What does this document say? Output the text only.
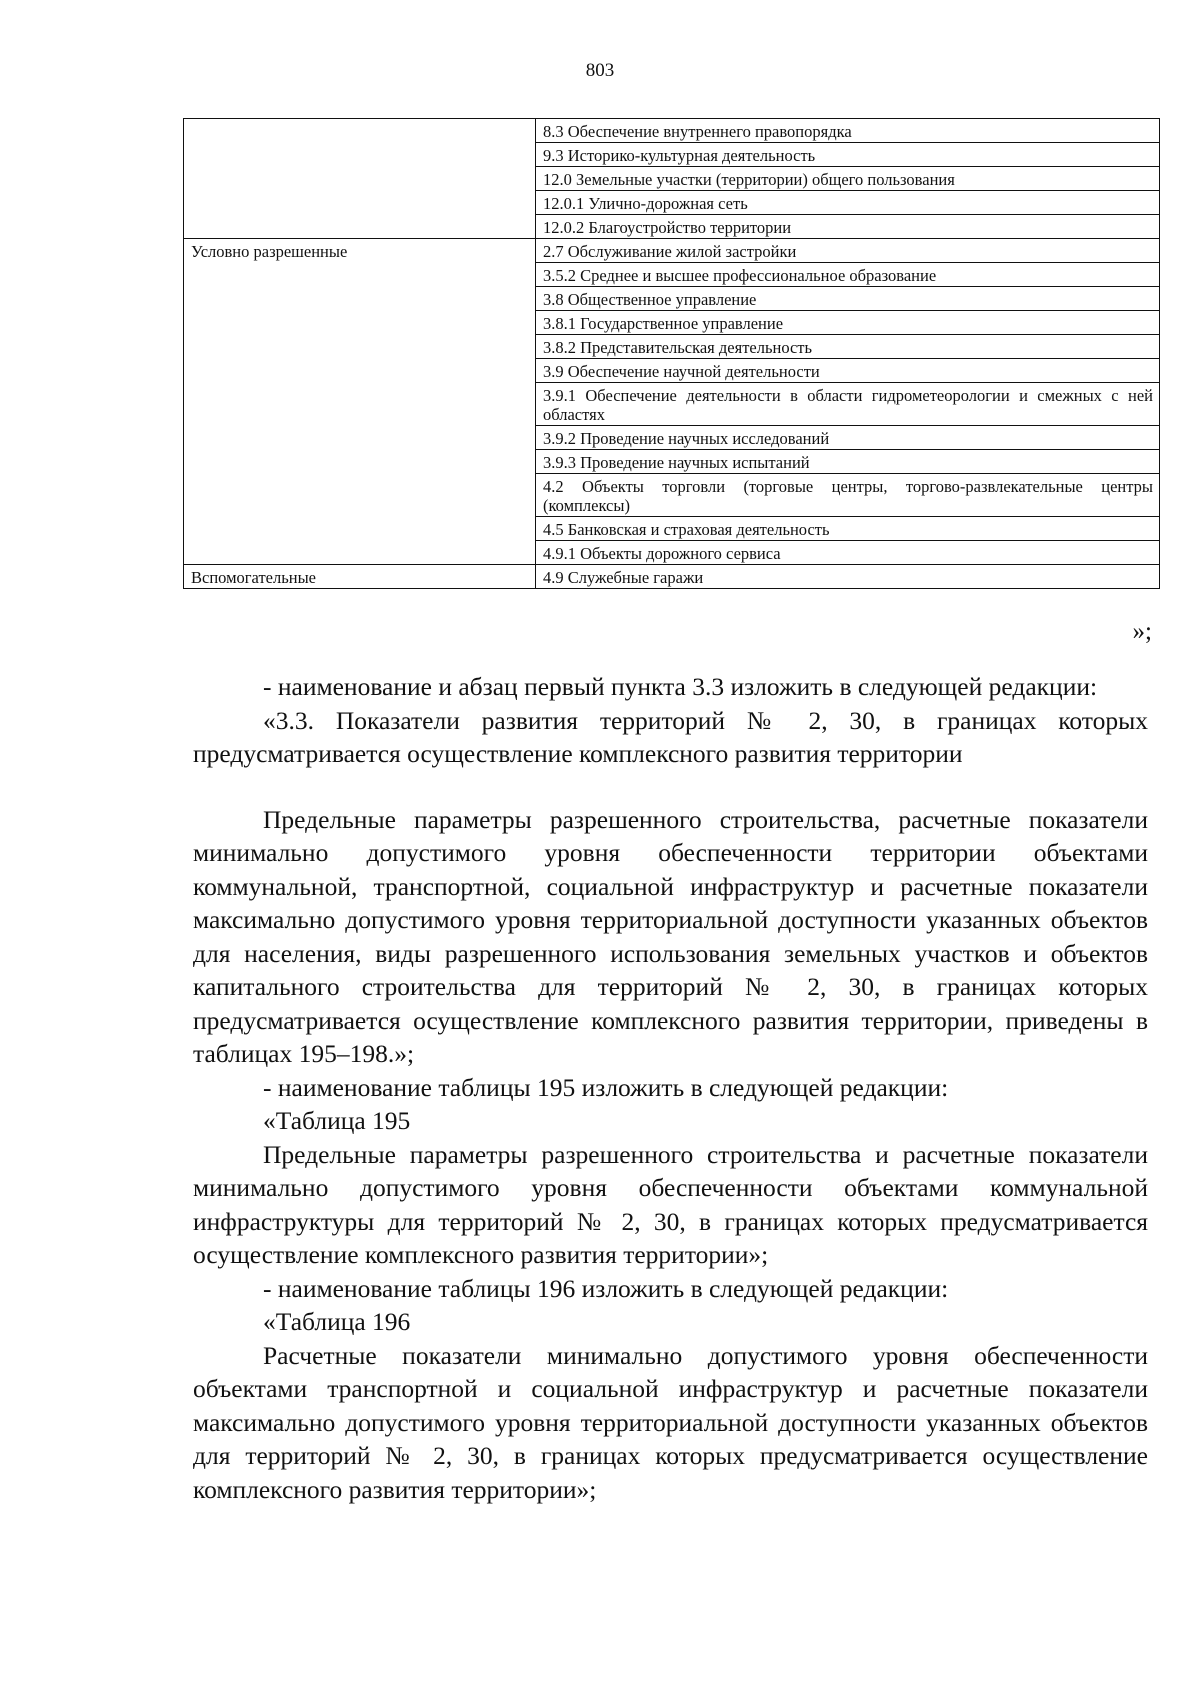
803
	8.3 Обеспечение внутреннего правопорядка
	9.3 Историко-культурная деятельность
	12.0 Земельные участки (территории) общего пользования
	12.0.1 Улично-дорожная сеть
	12.0.2 Благоустройство территории
Условно разрешенные	2.7 Обслуживание жилой застройки
	3.5.2 Среднее и высшее профессиональное образование
	3.8 Общественное управление
	3.8.1 Государственное управление
	3.8.2 Представительская деятельность
	3.9 Обеспечение научной деятельности
	3.9.1 Обеспечение деятельности в области гидрометеорологии и смежных с ней областях
	3.9.2 Проведение научных исследований
	3.9.3 Проведение научных испытаний
	4.2 Объекты торговли (торговые центры, торгово-развлекательные центры (комплексы)
	4.5 Банковская и страховая деятельность
	4.9.1 Объекты дорожного сервиса
Вспомогательные	4.9 Служебные гаражи
»;

- наименование и абзац первый пункта 3.3 изложить в следующей редакции:

«3.3. Показатели развития территорий № 2, 30, в границах которых предусматривается осуществление комплексного развития территории

Предельные параметры разрешенного строительства, расчетные показатели минимально допустимого уровня обеспеченности территории объектами коммунальной, транспортной, социальной инфраструктур и расчетные показатели максимально допустимого уровня территориальной доступности указанных объектов для населения, виды разрешенного использования земельных участков и объектов капитального строительства для территорий № 2, 30, в границах которых предусматривается осуществление комплексного развития территории, приведены в таблицах 195–198.»;

- наименование таблицы 195 изложить в следующей редакции:

«Таблица 195

Предельные параметры разрешенного строительства и расчетные показатели минимально допустимого уровня обеспеченности объектами коммунальной инфраструктуры для территорий № 2, 30, в границах которых предусматривается осуществление комплексного развития территории»;

- наименование таблицы 196 изложить в следующей редакции:

«Таблица 196

Расчетные показатели минимально допустимого уровня обеспеченности объектами транспортной и социальной инфраструктур и расчетные показатели максимально допустимого уровня территориальной доступности указанных объектов для территорий № 2, 30, в границах которых предусматривается осуществление комплексного развития территории»;
